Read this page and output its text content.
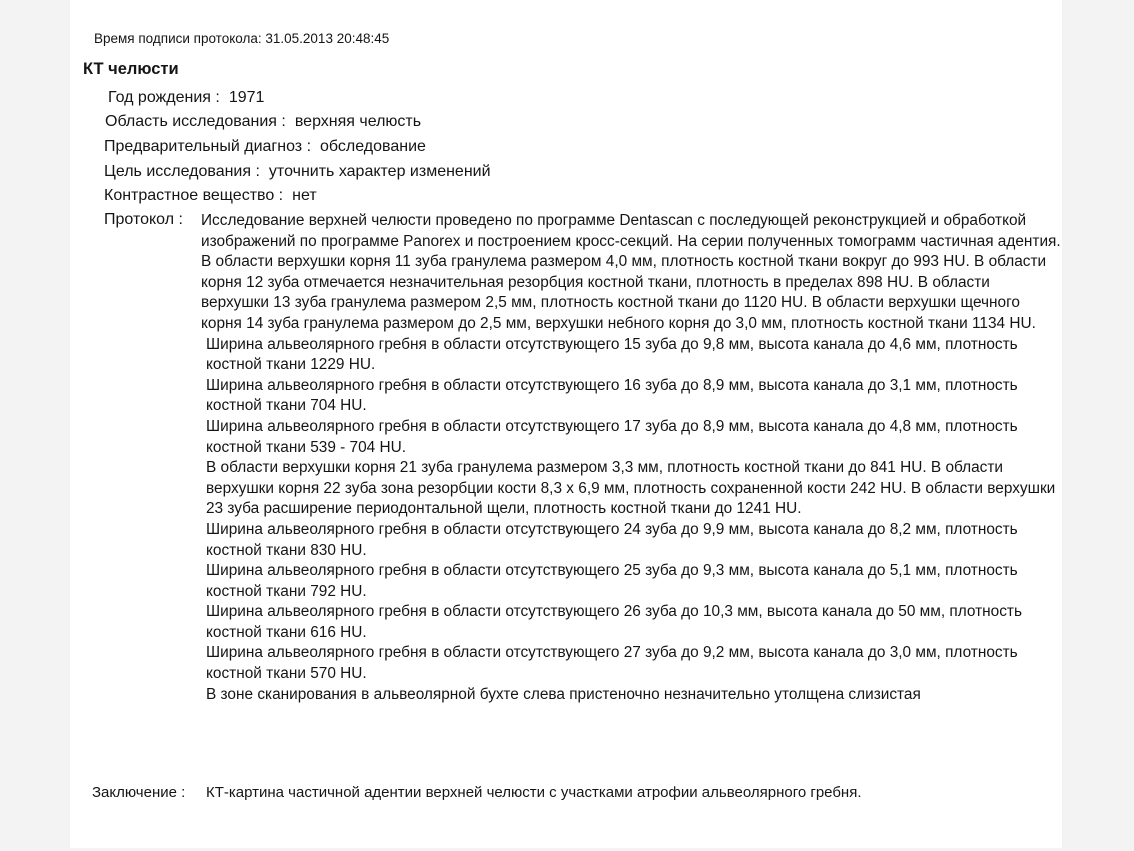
Время подписи протокола: 31.05.2013 20:48:45
КТ челюсти
Год рождения : 1971
Область исследования : верхняя челюсть
Предварительный диагноз : обследование
Цель исследования : уточнить характер изменений
Контрастное вещество : нет
Протокол : Исследование верхней челюсти проведено по программе Dentascan с последующей реконструкцией и обработкой изображений по программе Panorex и построением кросс-секций. На серии полученных томограмм частичная адентия. В области верхушки корня 11 зуба гранулема размером 4,0 мм, плотность костной ткани вокруг до 993 HU. В области корня 12 зуба отмечается незначительная резорбция костной ткани, плотность в пределах 898 HU. В области верхушки 13 зуба гранулема размером 2,5 мм, плотность костной ткани до 1120 HU. В области верхушки щечного корня 14 зуба гранулема размером до 2,5 мм, верхушки небного корня до 3,0 мм, плотность костной ткани 1134 HU.

Ширина альвеолярного гребня в области отсутствующего 15 зуба до 9,8 мм, высота канала до 4,6 мм, плотность костной ткани 1229 HU.

Ширина альвеолярного гребня в области отсутствующего 16 зуба до 8,9 мм, высота канала до 3,1 мм, плотность костной ткани 704 HU.

Ширина альвеолярного гребня в области отсутствующего 17 зуба до 8,9 мм, высота канала до 4,8 мм, плотность костной ткани 539 - 704 HU.

В области верхушки корня 21 зуба гранулема размером 3,3 мм, плотность костной ткани до 841 HU. В области верхушки корня 22 зуба зона резорбции кости 8,3 х 6,9 мм, плотность сохраненной кости 242 HU. В области верхушки 23 зуба расширение периодонтальной щели, плотность костной ткани до 1241 HU.

Ширина альвеолярного гребня в области отсутствующего 24 зуба до 9,9 мм, высота канала до 8,2 мм, плотность костной ткани 830 HU.

Ширина альвеолярного гребня в области отсутствующего 25 зуба до 9,3 мм, высота канала до 5,1 мм, плотность костной ткани 792 HU.

Ширина альвеолярного гребня в области отсутствующего 26 зуба до 10,3 мм, высота канала до 50 мм, плотность костной ткани 616 HU.

Ширина альвеолярного гребня в области отсутствующего 27 зуба до 9,2 мм, высота канала до 3,0 мм, плотность костной ткани 570 HU.

В зоне сканирования в альвеолярной бухте слева пристеночно незначительно утолщена слизистая

Заключение : КТ-картина частичной адентии верхней челюсти с участками атрофии альвеолярного гребня.
